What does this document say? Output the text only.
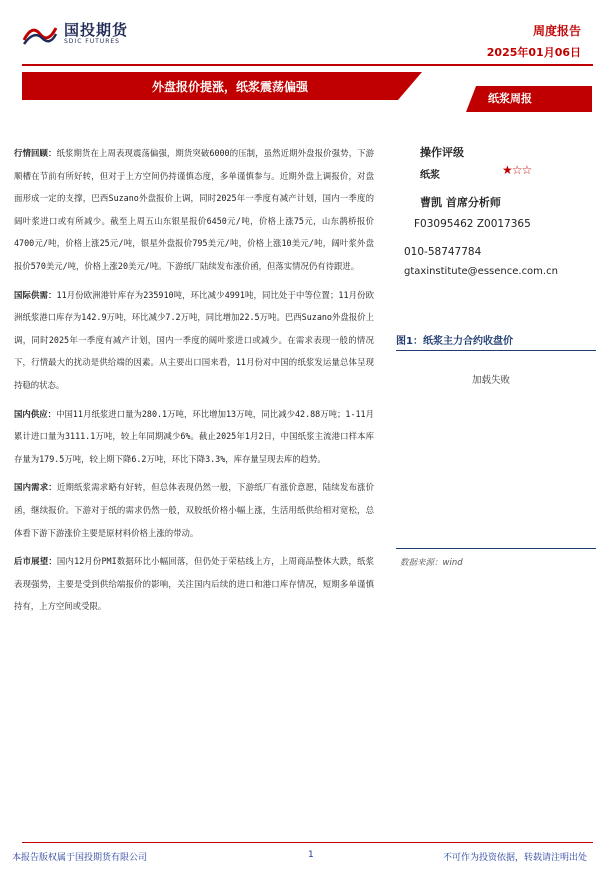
国投期货
SDIC FUTURES
周度报告
2025年01月06日
外盘报价提涨，纸浆震荡偏强
纸浆周报

行情回顾：纸浆期货在上周表现震荡偏强，期货突破6000的压制，虽然近期外盘报价强势，下游顺槽在节前有所好转，但对于上方空间仍持谨慎态度，多单谨慎参与。近期外盘上调报价，对盘面形成一定的支撑，巴西Suzano外盘报价上调，同时2025年一季度有减产计划，国内一季度的阔叶浆进口或有所减少。截至上周五山东银星报价6450元/吨，价格上涨75元，山东鹊桥报价4700元/吨，价格上涨25元/吨，银星外盘报价795美元/吨，价格上涨10美元/吨，阔叶浆外盘报价570美元/吨，价格上涨20美元/吨。下游纸厂陆续发布涨价函，但落实情况仍有待跟进。

国际供需：11月份欧洲港针库存为235910吨，环比减少4991吨，同比处于中等位置；11月份欧洲纸浆港口库存为142.9万吨，环比减少7.2万吨，同比增加22.5万吨。巴西Suzano外盘报价上调，同时2025年一季度有减产计划，国内一季度的阔叶浆进口或减少。在需求表现一般的情况下，行情最大的扰动是供给端的因素。从主要出口国来看，11月份对中国的纸浆发运量总体呈现持稳的状态。

国内供应：中国11月纸浆进口量为280.1万吨，环比增加13万吨，同比减少42.88万吨；1-11月累计进口量为3111.1万吨，较上年同期减少6%。截止2025年1月2日，中国纸浆主流港口样本库存量为179.5万吨，较上期下降6.2万吨，环比下降3.3%，库存量呈现去库的趋势。

国内需求：近期纸浆需求略有好转，但总体表现仍然一般，下游纸厂有涨价意愿，陆续发布涨价函，继续报价。下游对于纸的需求仍然一般，双胶纸价格小幅上涨，生活用纸供给相对宽松，总体看下游下游涨价主要是原材料价格上涨的带动。

后市展望：国内12月份PMI数据环比小幅回落，但仍处于荣枯线上方，上周商品整体大跌，纸浆表现强势，主要是受到供给端报价的影响，关注国内后续的进口和港口库存情况，短期多单谨慎持有，上方空间或受限。

操作评级
纸浆	★☆☆
曹凯 首席分析师
F03095462 Z0017365
010-58747784
gtaxinstitute@essence.com.cn
图1：纸浆主力合约收盘价
加载失败
数据来源：wind
本报告版权属于国投期货有限公司	1	不可作为投资依据，转载请注明出处
